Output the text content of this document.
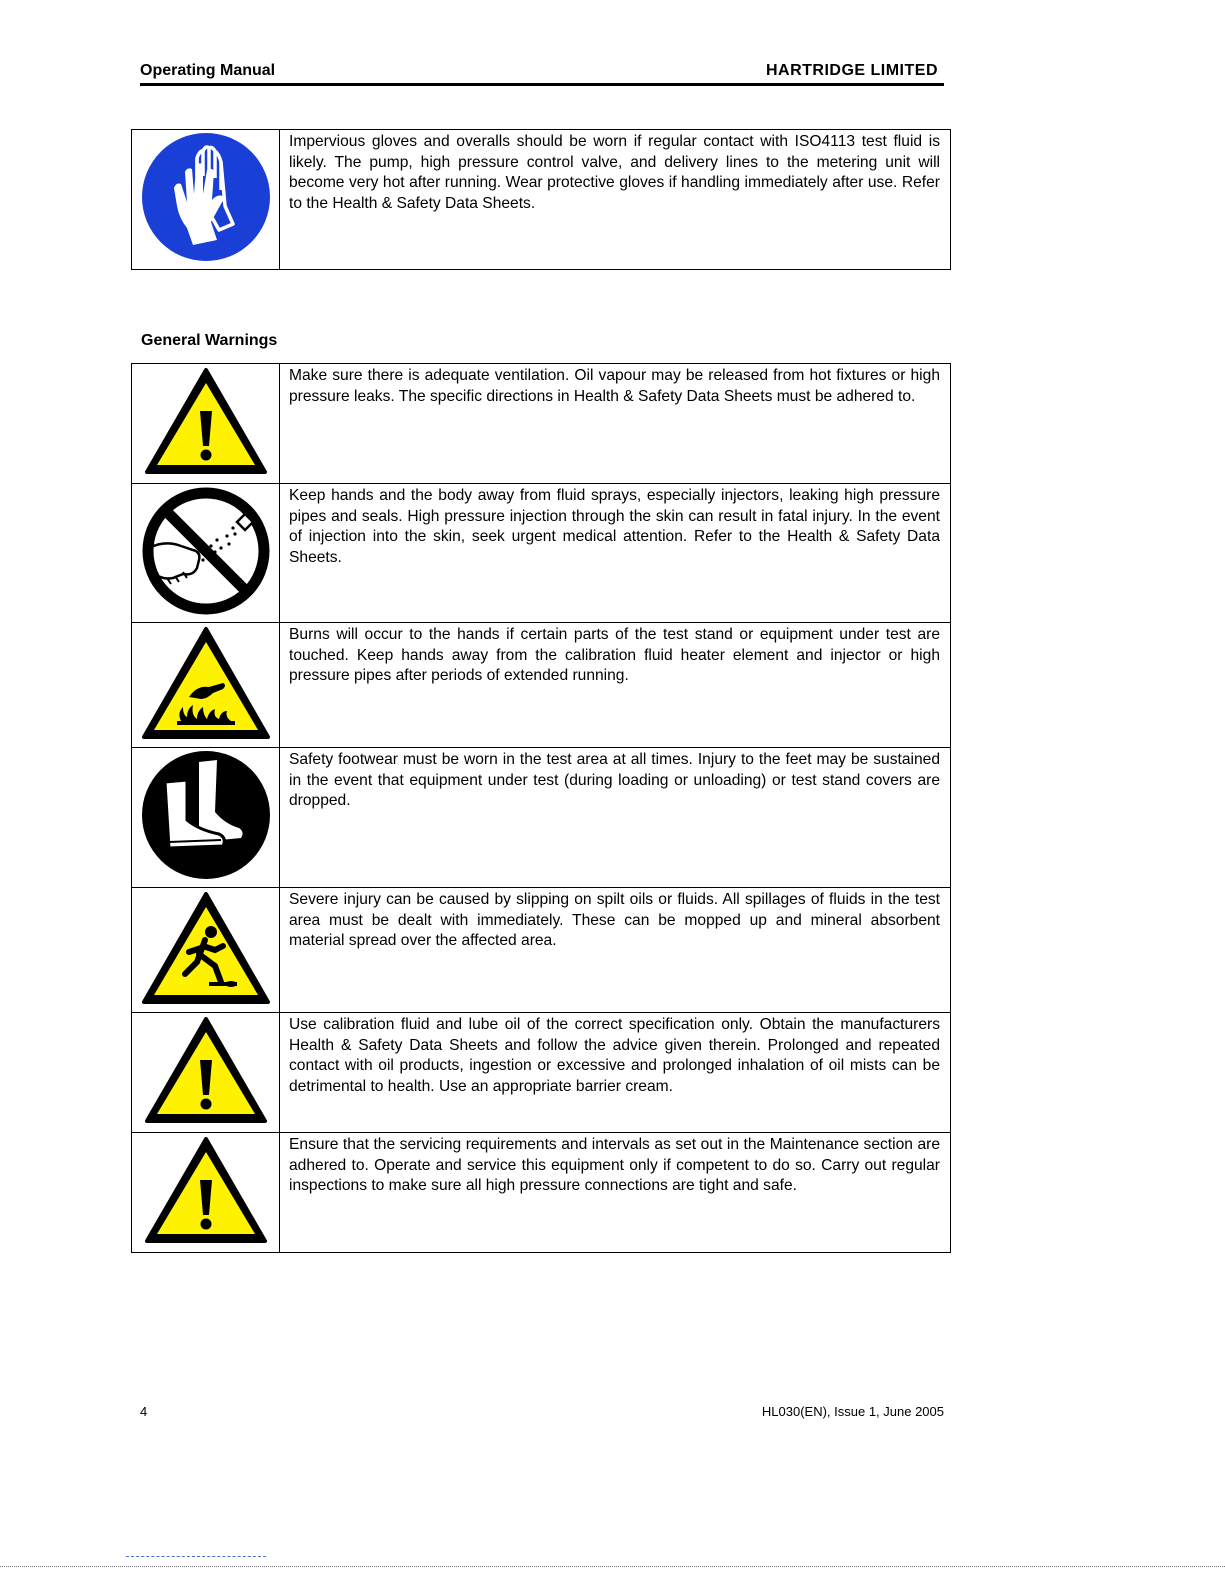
Operating Manual	HARTRIDGE LIMITED
	Impervious gloves and overalls should be worn if regular contact with ISO4113 test fluid is likely. The pump, high pressure control valve, and delivery lines to the metering unit will become very hot after running. Wear protective gloves if handling immediately after use. Refer to the Health & Safety Data Sheets.
General Warnings
	Make sure there is adequate ventilation. Oil vapour may be released from hot fixtures or high pressure leaks. The specific directions in Health & Safety Data Sheets must be adhered to.

	Keep hands and the body away from fluid sprays, especially injectors, leaking high pressure pipes and seals. High pressure injection through the skin can result in fatal injury. In the event of injection into the skin, seek urgent medical attention. Refer to the Health & Safety Data Sheets.

	Burns will occur to the hands if certain parts of the test stand or equipment under test are touched. Keep hands away from the calibration fluid heater element and injector or high pressure pipes after periods of extended running.

	Safety footwear must be worn in the test area at all times. Injury to the feet may be sustained in the event that equipment under test (during loading or unloading) or test stand covers are dropped.

	Severe injury can be caused by slipping on spilt oils or fluids. All spillages of fluids in the test area must be dealt with immediately. These can be mopped up and mineral absorbent material spread over the affected area.

	Use calibration fluid and lube oil of the correct specification only. Obtain the manufacturers Health & Safety Data Sheets and follow the advice given therein. Prolonged and repeated contact with oil products, ingestion or excessive and prolonged inhalation of oil mists can be detrimental to health. Use an appropriate barrier cream.

	Ensure that the servicing requirements and intervals as set out in the Maintenance section are adhered to. Operate and service this equipment only if competent to do so. Carry out regular inspections to make sure all high pressure connections are tight and safe.
4	HL030(EN), Issue 1, June 2005
